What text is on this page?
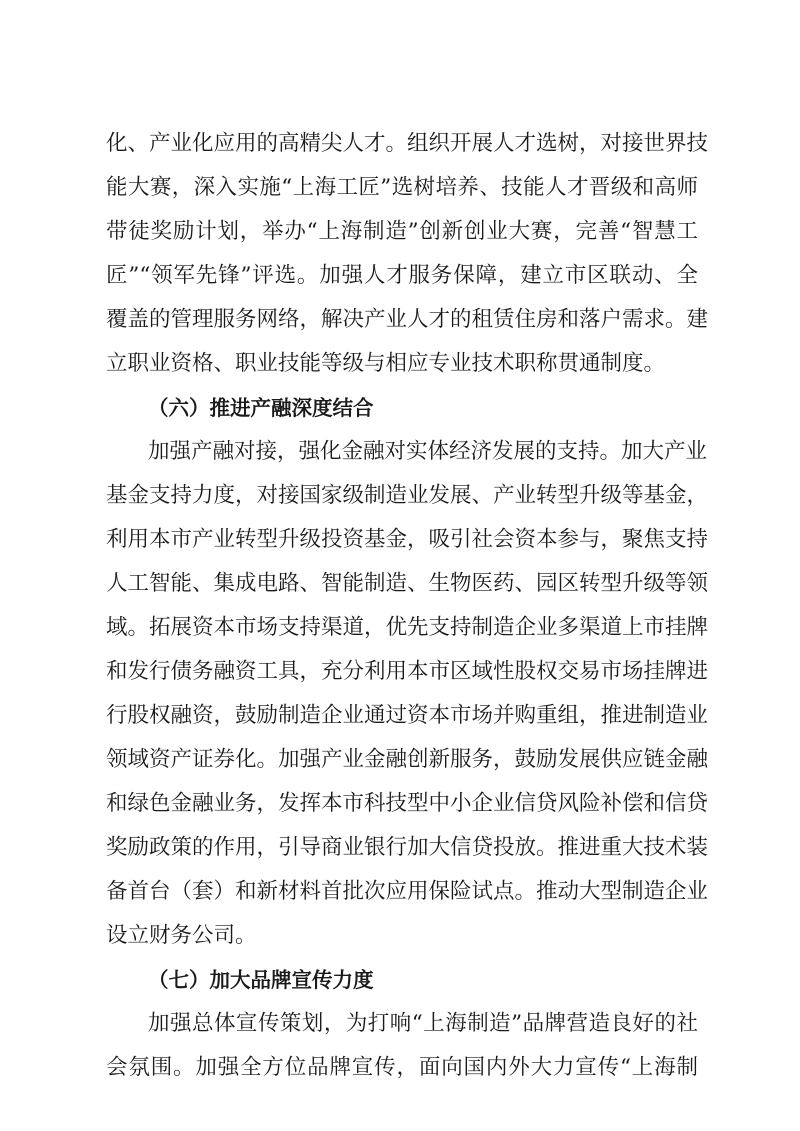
化、产业化应用的高精尖人才。组织开展人才选树，对接世界技
能大赛，深入实施“上海工匠”选树培养、技能人才晋级和高师
带徒奖励计划，举办“上海制造”创新创业大赛，完善“智慧工
匠”“领军先锋”评选。加强人才服务保障，建立市区联动、全
覆盖的管理服务网络，解决产业人才的租赁住房和落户需求。建
立职业资格、职业技能等级与相应专业技术职称贯通制度。
（六）推进产融深度结合
加强产融对接，强化金融对实体经济发展的支持。加大产业
基金支持力度，对接国家级制造业发展、产业转型升级等基金，
利用本市产业转型升级投资基金，吸引社会资本参与，聚焦支持
人工智能、集成电路、智能制造、生物医药、园区转型升级等领
域。拓展资本市场支持渠道，优先支持制造企业多渠道上市挂牌
和发行债务融资工具，充分利用本市区域性股权交易市场挂牌进
行股权融资，鼓励制造企业通过资本市场并购重组，推进制造业
领域资产证券化。加强产业金融创新服务，鼓励发展供应链金融
和绿色金融业务，发挥本市科技型中小企业信贷风险补偿和信贷
奖励政策的作用，引导商业银行加大信贷投放。推进重大技术装
备首台（套）和新材料首批次应用保险试点。推动大型制造企业
设立财务公司。
（七）加大品牌宣传力度
加强总体宣传策划，为打响“上海制造”品牌营造良好的社
会氛围。加强全方位品牌宣传，面向国内外大力宣传“上海制
